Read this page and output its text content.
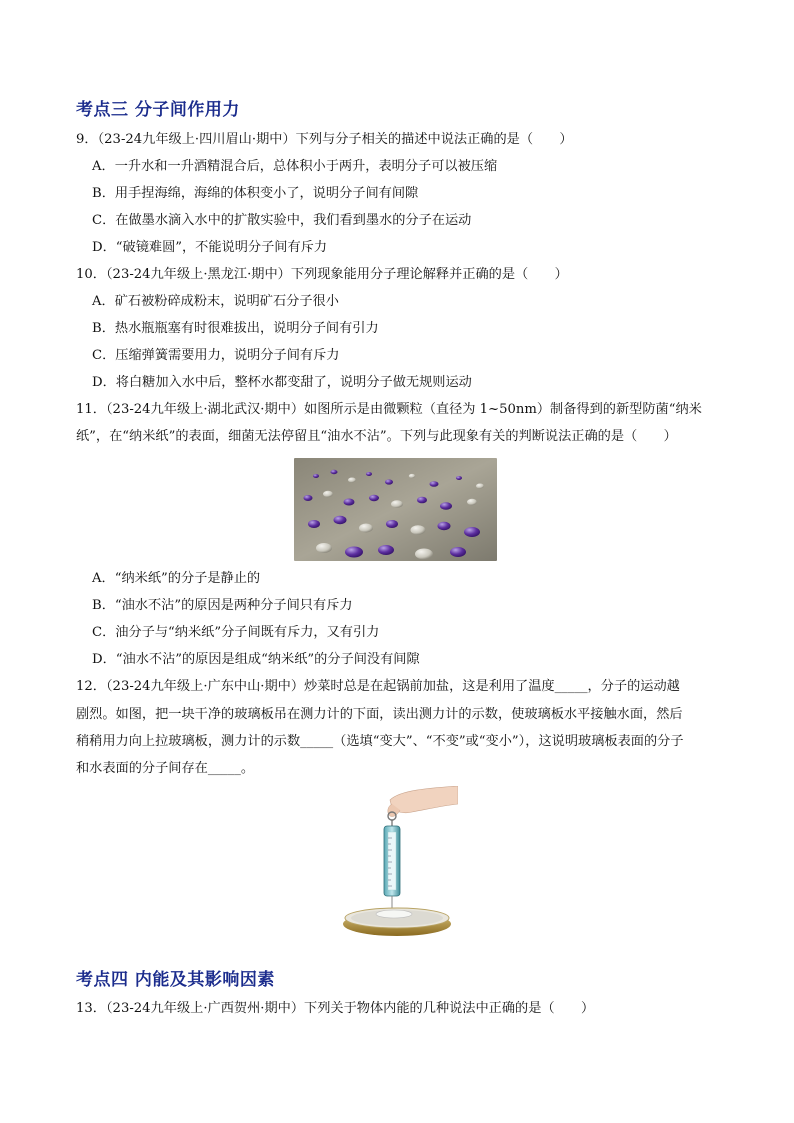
考点三 分子间作用力
9．（23-24九年级上·四川眉山·期中）下列与分子相关的描述中说法正确的是（　　）
A．一升水和一升酒精混合后，总体积小于两升，表明分子可以被压缩
B．用手捏海绵，海绵的体积变小了，说明分子间有间隙
C．在做墨水滴入水中的扩散实验中，我们看到墨水的分子在运动
D．“破镜难圆”，不能说明分子间有斥力
10．（23-24九年级上·黑龙江·期中）下列现象能用分子理论解释并正确的是（　　）
A．矿石被粉碎成粉末，说明矿石分子很小
B．热水瓶瓶塞有时很难拔出，说明分子间有引力
C．压缩弹簧需要用力，说明分子间有斥力
D．将白糖加入水中后，整杯水都变甜了，说明分子做无规则运动
11．（23-24九年级上·湖北武汉·期中）如图所示是由微颗粒（直径为 1~50nm）制备得到的新型防菌“纳米
纸”，在“纳米纸”的表面，细菌无法停留且“油水不沾”。下列与此现象有关的判断说法正确的是（　　）
A．“纳米纸”的分子是静止的
B．“油水不沾”的原因是两种分子间只有斥力
C．油分子与“纳米纸”分子间既有斥力，又有引力
D．“油水不沾”的原因是组成“纳米纸”的分子间没有间隙
12．（23-24九年级上·广东中山·期中）炒菜时总是在起锅前加盐，这是利用了温度_____，分子的运动越
剧烈。如图，把一块干净的玻璃板吊在测力计的下面，读出测力计的示数，使玻璃板水平接触水面，然后
稍稍用力向上拉玻璃板，测力计的示数_____（选填“变大”、“不变”或“变小”），这说明玻璃板表面的分子
和水表面的分子间存在_____。
考点四 内能及其影响因素
13．（23-24九年级上·广西贺州·期中）下列关于物体内能的几种说法中正确的是（　　）
